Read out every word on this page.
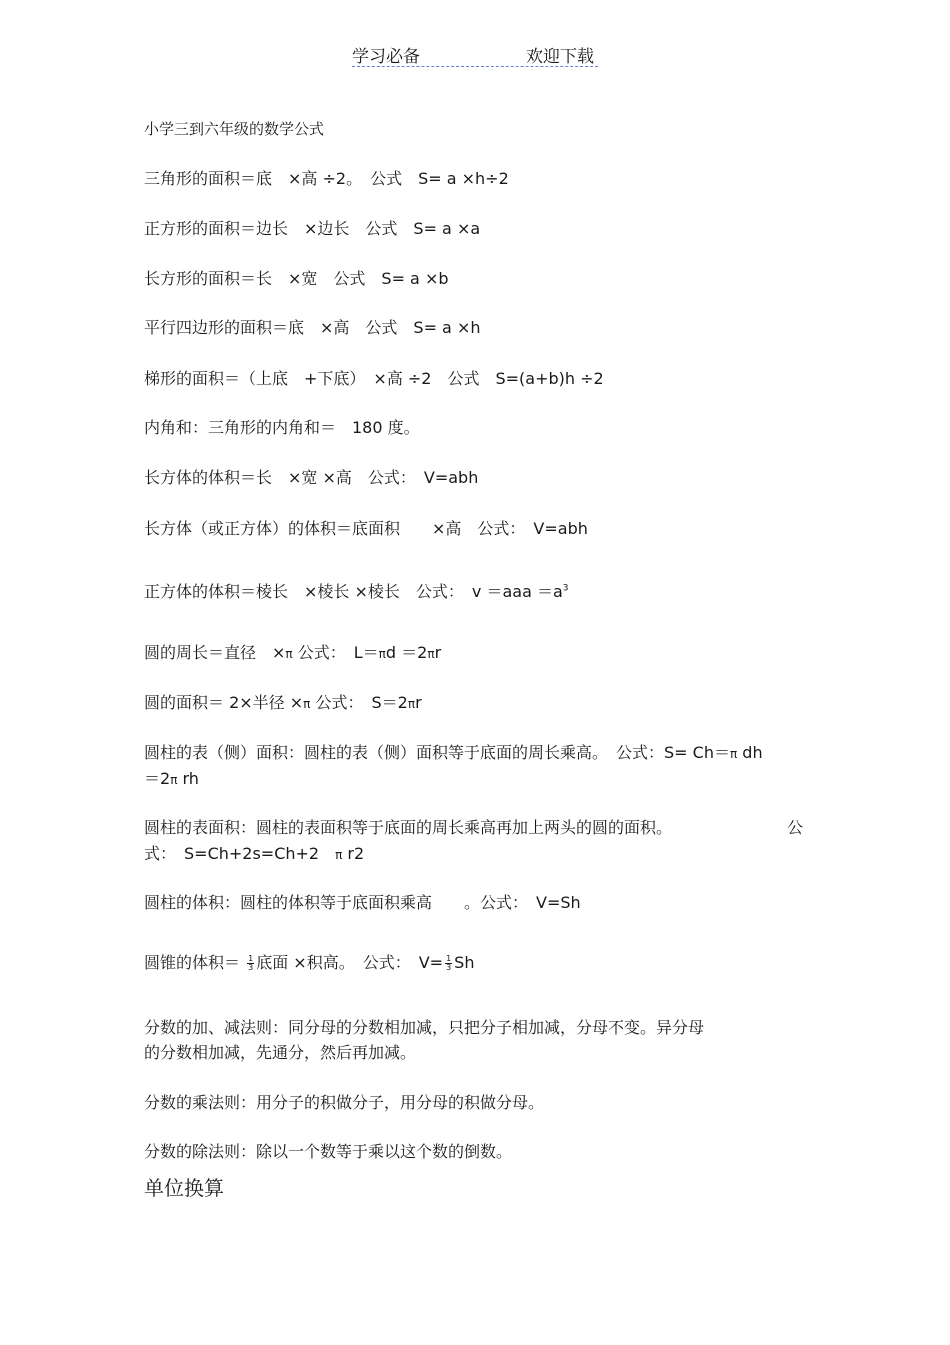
学习必备	欢迎下载
小学三到六年级的数学公式
三角形的面积＝底　×高 ÷2。　公式　S= a ×h÷2
正方形的面积＝边长　×边长　公式　S= a ×a
长方形的面积＝长　×宽　公式　S= a ×b
平行四边形的面积＝底　×高　公式　S= a ×h
梯形的面积＝（上底　+下底）　×高 ÷2　公式　S=(a+b)h ÷2
内角和：三角形的内角和＝　180 度。
长方体的体积＝长　×宽 ×高　公式：　V=abh
长方体（或正方体）的体积＝底面积　　×高　公式：　V=abh
正方体的体积＝棱长　×棱长 ×棱长　公式：　$v =aaa =a^3$
圆的周长＝直径　×π 公式：　L＝πd ＝2πr
圆的面积＝ 2×半径 ×π 公式：　S＝2πr
圆柱的表（侧）面积：圆柱的表（侧）面积等于底面的周长乘高。　公式：S= Ch＝π dh
＝2π rh
圆柱的表面积：圆柱的表面积等于底面的周长乘高再加上两头的圆的面积。	公
式：　S=Ch+2s=Ch+2　π r2
圆柱的体积：圆柱的体积等于底面积乘高　　。公式：　V=Sh
圆锥的体积＝ $\frac{1}{3}$ 底面 ×积高。　公式：　$V= \frac{1}{3}$ Sh
分数的加、减法则：同分母的分数相加减，只把分子相加减，分母不变。异分母
的分数相加减，先通分，然后再加减。
分数的乘法则：用分子的积做分子，用分母的积做分母。
分数的除法则：除以一个数等于乘以这个数的倒数。
单位换算
